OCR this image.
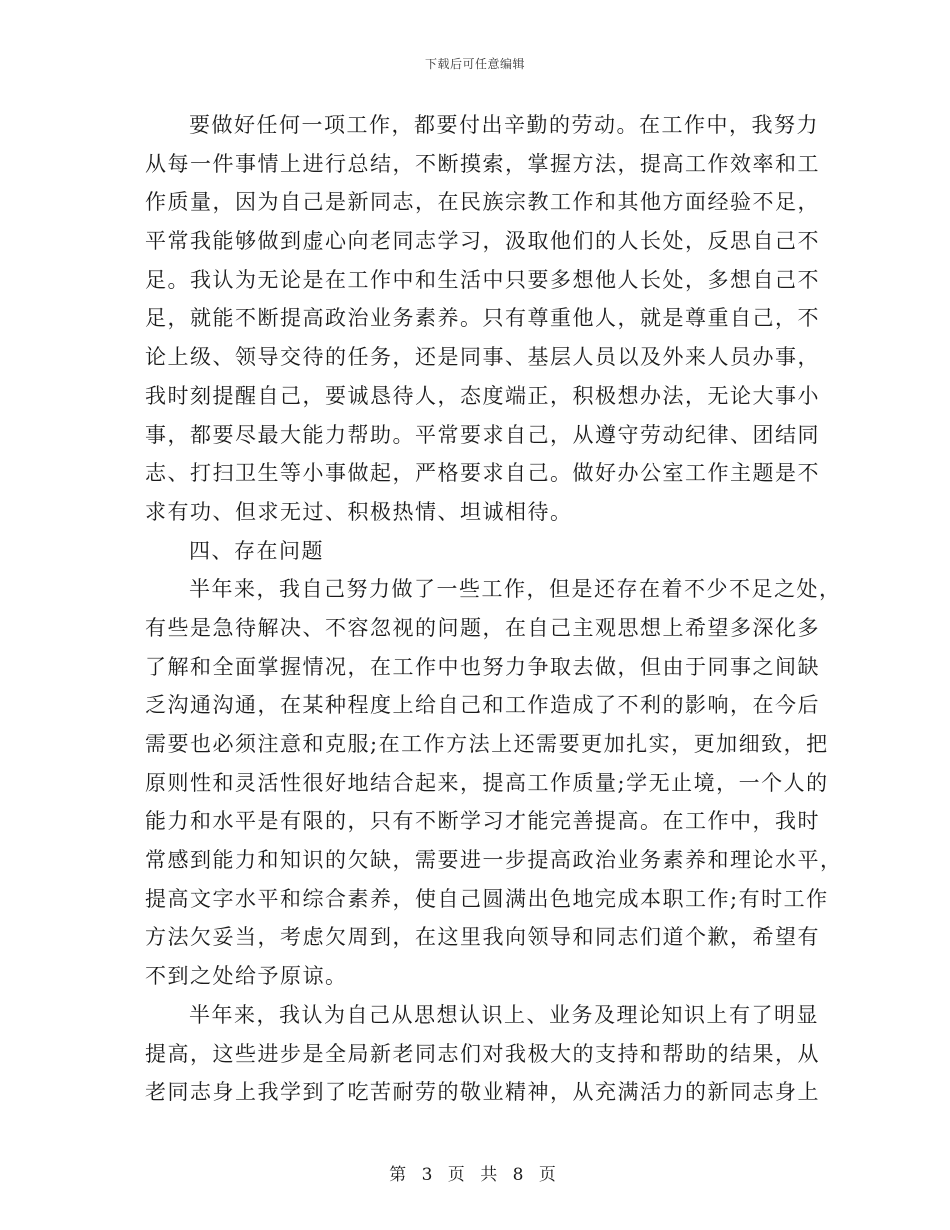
下载后可任意编辑
要做好任何一项工作，都要付出辛勤的劳动。在工作中，我努力
从每一件事情上进行总结，不断摸索，掌握方法，提高工作效率和工
作质量，因为自己是新同志，在民族宗教工作和其他方面经验不足，
平常我能够做到虚心向老同志学习，汲取他们的人长处，反思自己不
足。我认为无论是在工作中和生活中只要多想他人长处，多想自己不
足，就能不断提高政治业务素养。只有尊重他人，就是尊重自己，不
论上级、领导交待的任务，还是同事、基层人员以及外来人员办事，
我时刻提醒自己，要诚恳待人，态度端正，积极想办法，无论大事小
事，都要尽最大能力帮助。平常要求自己，从遵守劳动纪律、团结同
志、打扫卫生等小事做起，严格要求自己。做好办公室工作主题是不
求有功、但求无过、积极热情、坦诚相待。
四、存在问题
半年来，我自己努力做了一些工作，但是还存在着不少不足之处，
有些是急待解决、不容忽视的问题，在自己主观思想上希望多深化多
了解和全面掌握情况，在工作中也努力争取去做，但由于同事之间缺
乏沟通沟通，在某种程度上给自己和工作造成了不利的影响，在今后
需要也必须注意和克服;在工作方法上还需要更加扎实，更加细致，把
原则性和灵活性很好地结合起来，提高工作质量;学无止境，一个人的
能力和水平是有限的，只有不断学习才能完善提高。在工作中，我时
常感到能力和知识的欠缺，需要进一步提高政治业务素养和理论水平，
提高文字水平和综合素养，使自己圆满出色地完成本职工作;有时工作
方法欠妥当，考虑欠周到，在这里我向领导和同志们道个歉，希望有
不到之处给予原谅。
半年来，我认为自己从思想认识上、业务及理论知识上有了明显
提高，这些进步是全局新老同志们对我极大的支持和帮助的结果，从
老同志身上我学到了吃苦耐劳的敬业精神，从充满活力的新同志身上
第 3 页 共 8 页
